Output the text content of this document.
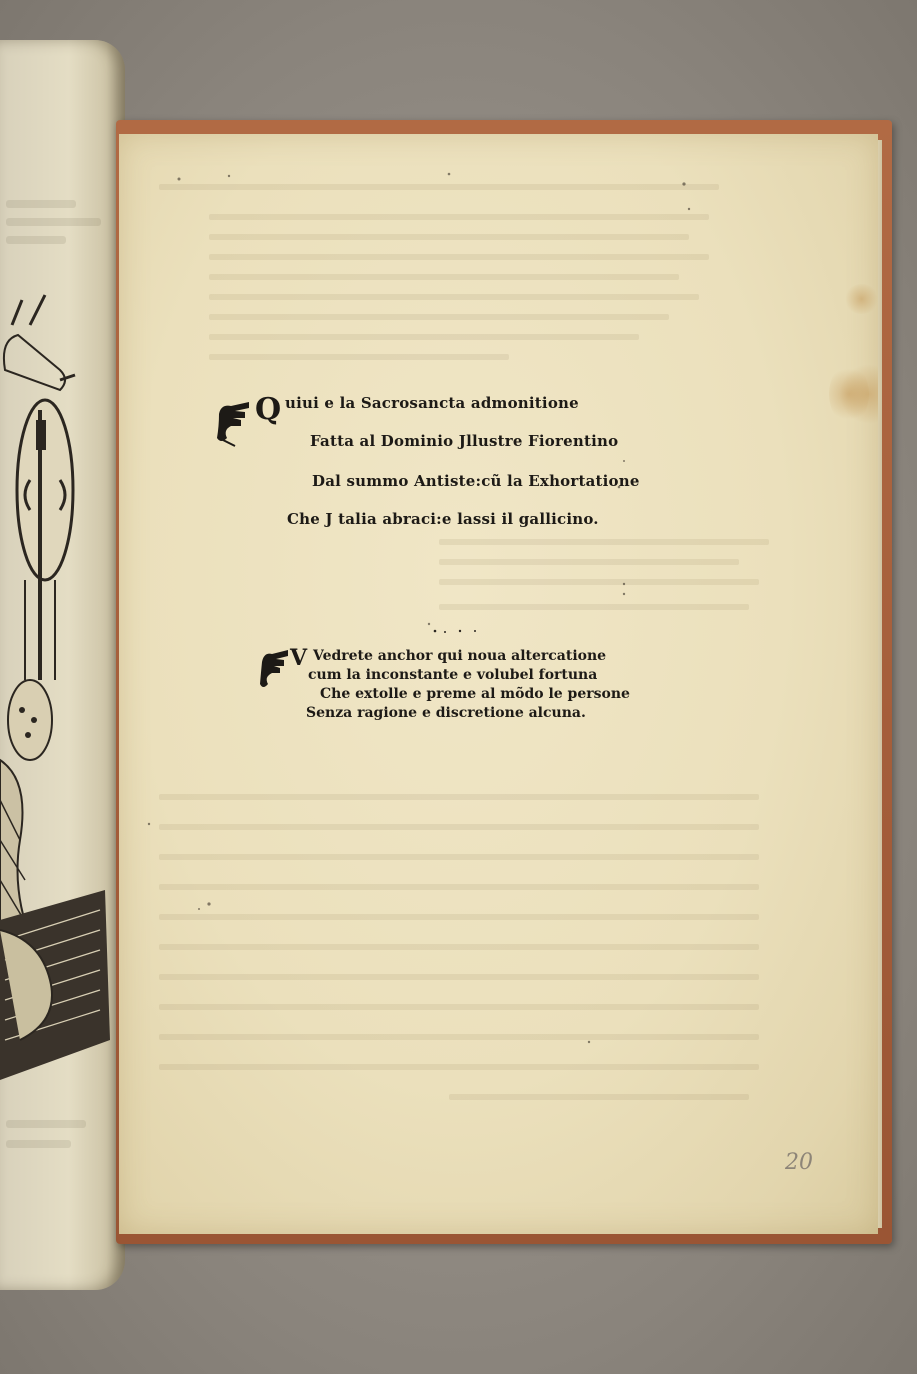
Q uiui e la Sacrosancta admonitione
Fatta al Dominio Jllustre Fiorentino
Dal summo Antiste:cũ la Exhortatione
Che J talia abraci:e lassi il gallicino.
V Vedrete anchor qui noua altercatione
cum la inconstante e volubel fortuna
Che extolle e preme al mõdo le persone
Senza ragione e discretione alcuna.
20
